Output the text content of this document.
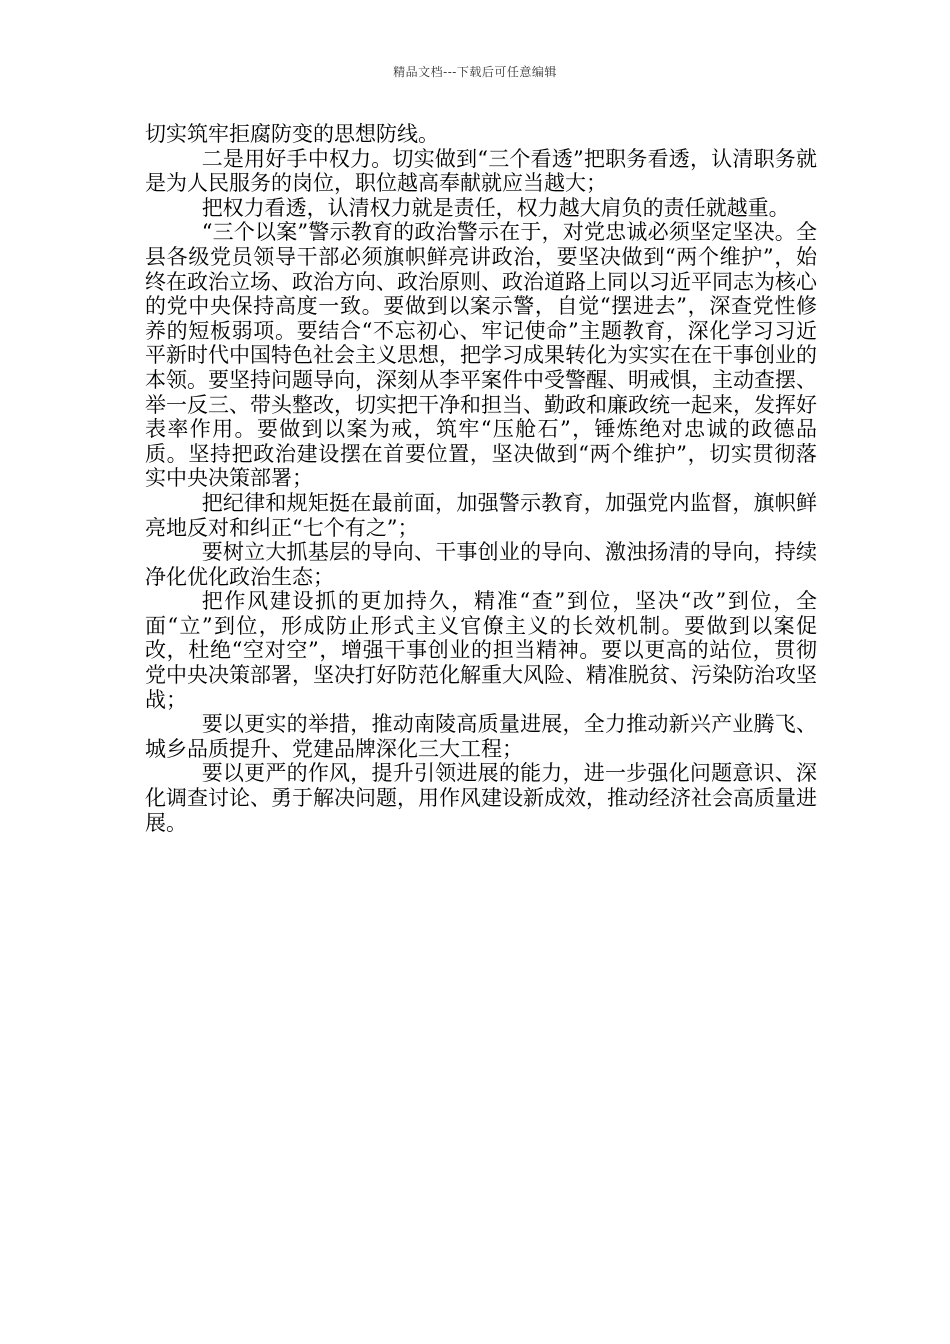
精品文档---下载后可任意编辑

切实筑牢拒腐防变的思想防线。

二是用好手中权力。切实做到“三个看透”把职务看透，认清职务就是为人民服务的岗位，职位越高奉献就应当越大；

把权力看透，认清权力就是责任，权力越大肩负的责任就越重。

“三个以案”警示教育的政治警示在于，对党忠诚必须坚定坚决。全县各级党员领导干部必须旗帜鲜亮讲政治，要坚决做到“两个维护”，始终在政治立场、政治方向、政治原则、政治道路上同以习近平同志为核心的党中央保持高度一致。要做到以案示警，自觉“摆进去”，深查党性修养的短板弱项。要结合“不忘初心、牢记使命”主题教育，深化学习习近平新时代中国特色社会主义思想，把学习成果转化为实实在在干事创业的本领。要坚持问题导向，深刻从李平案件中受警醒、明戒惧，主动查摆、举一反三、带头整改，切实把干净和担当、勤政和廉政统一起来，发挥好表率作用。要做到以案为戒，筑牢“压舱石”，锤炼绝对忠诚的政德品质。坚持把政治建设摆在首要位置，坚决做到“两个维护”，切实贯彻落实中央决策部署；

把纪律和规矩挺在最前面，加强警示教育，加强党内监督，旗帜鲜亮地反对和纠正“七个有之”；

要树立大抓基层的导向、干事创业的导向、激浊扬清的导向，持续净化优化政治生态；

把作风建设抓的更加持久，精准“查”到位，坚决“改”到位，全面“立”到位，形成防止形式主义官僚主义的长效机制。要做到以案促改，杜绝“空对空”，增强干事创业的担当精神。要以更高的站位，贯彻党中央决策部署，坚决打好防范化解重大风险、精准脱贫、污染防治攻坚战；

要以更实的举措，推动南陵高质量进展，全力推动新兴产业腾飞、城乡品质提升、党建品牌深化三大工程；

要以更严的作风，提升引领进展的能力，进一步强化问题意识、深化调查讨论、勇于解决问题，用作风建设新成效，推动经济社会高质量进展。
